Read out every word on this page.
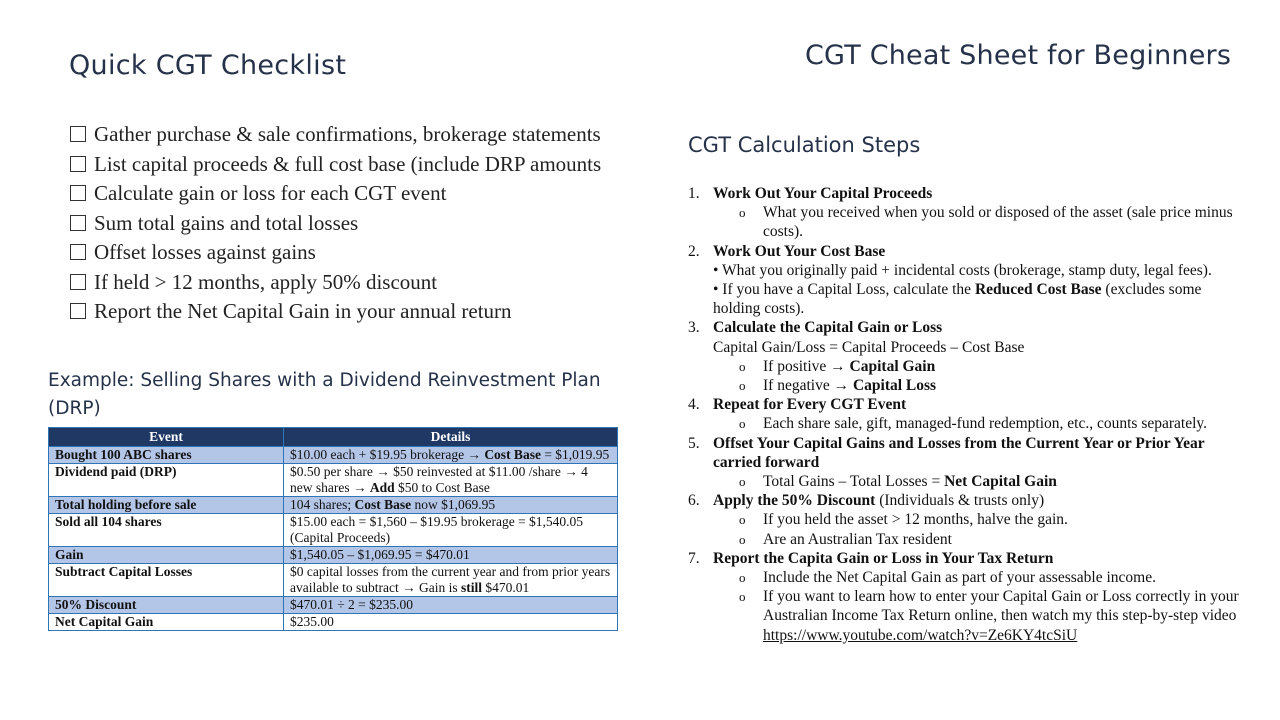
Quick CGT Checklist	CGT Cheat Sheet for Beginners
Gather purchase & sale confirmations, brokerage statements
List capital proceeds & full cost base (include DRP amounts
Calculate gain or loss for each CGT event
Sum total gains and total losses
Offset losses against gains
If held > 12 months, apply 50% discount
Report the Net Capital Gain in your annual return
Example: Selling Shares with a Dividend Reinvestment Plan (DRP)
Event	Details
Bought 100 ABC shares	$10.00 each + $19.95 brokerage → Cost Base = $1,019.95
Dividend paid (DRP)	$0.50 per share → $50 reinvested at $11.00 /share → 4 new shares → Add $50 to Cost Base
Total holding before sale	104 shares; Cost Base now $1,069.95
Sold all 104 shares	$15.00 each = $1,560 – $19.95 brokerage = $1,540.05 (Capital Proceeds)
Gain	$1,540.05 – $1,069.95 = $470.01
Subtract Capital Losses	$0 capital losses from the current year and from prior years available to subtract → Gain is still $470.01
50% Discount	$470.01 ÷ 2 = $235.00
Net Capital Gain	$235.00
CGT Calculation Steps
1. Work Out Your Capital Proceeds
o What you received when you sold or disposed of the asset (sale price minus costs).
2. Work Out Your Cost Base
• What you originally paid + incidental costs (brokerage, stamp duty, legal fees).
• If you have a Capital Loss, calculate the Reduced Cost Base (excludes some holding costs).
3. Calculate the Capital Gain or Loss
Capital Gain/Loss = Capital Proceeds – Cost Base
o If positive → Capital Gain
o If negative → Capital Loss
4. Repeat for Every CGT Event
o Each share sale, gift, managed-fund redemption, etc., counts separately.
5. Offset Your Capital Gains and Losses from the Current Year or Prior Year carried forward
o Total Gains – Total Losses = Net Capital Gain
6. Apply the 50% Discount (Individuals & trusts only)
o If you held the asset > 12 months, halve the gain.
o Are an Australian Tax resident
7. Report the Capita Gain or Loss in Your Tax Return
o Include the Net Capital Gain as part of your assessable income.
o If you want to learn how to enter your Capital Gain or Loss correctly in your Australian Income Tax Return online, then watch my this step-by-step video https://www.youtube.com/watch?v=Ze6KY4tcSiU
